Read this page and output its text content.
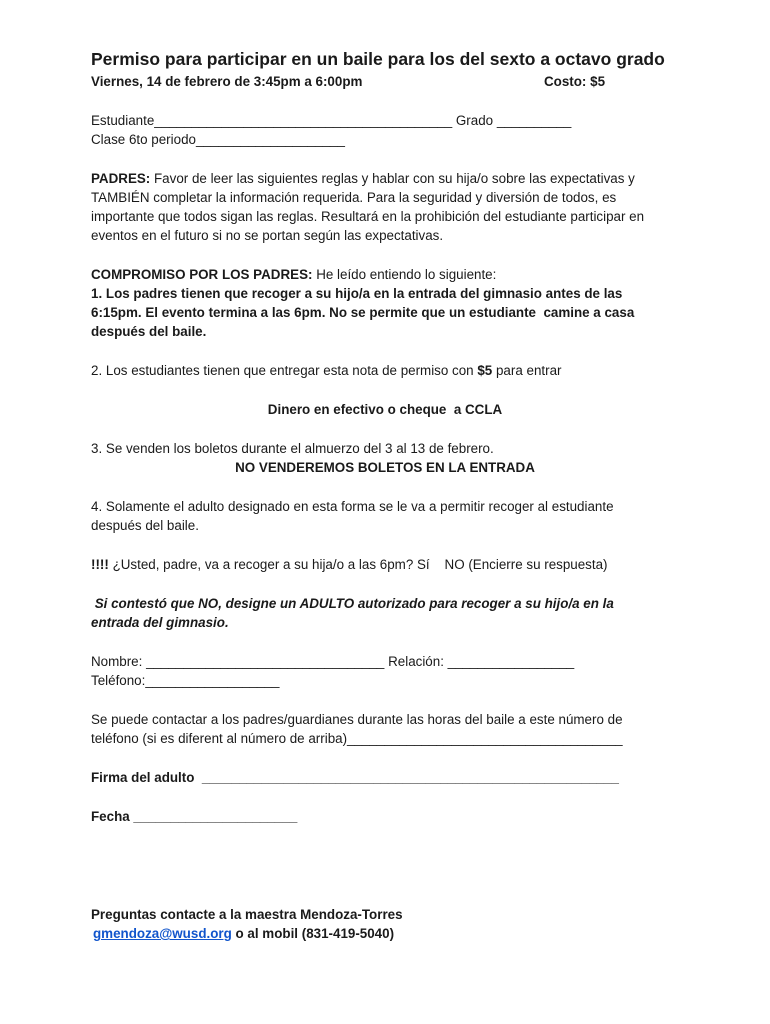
Permiso para participar en un baile para los del sexto a octavo grado
Viernes, 14 de febrero de 3:45pm a 6:00pm	Costo: $5
Estudiante________________________________________ Grado __________
Clase 6to periodo____________________
PADRES: Favor de leer las siguientes reglas y hablar con su hija/o sobre las expectativas y
TAMBIÉN completar la información requerida. Para la seguridad y diversión de todos, es
importante que todos sigan las reglas. Resultará en la prohibición del estudiante participar en
eventos en el futuro si no se portan según las expectativas.
COMPROMISO POR LOS PADRES: He leído entiendo lo siguiente:
1. Los padres tienen que recoger a su hijo/a en la entrada del gimnasio antes de las
6:15pm. El evento termina a las 6pm. No se permite que un estudiante  camine a casa
después del baile.
2. Los estudiantes tienen que entregar esta nota de permiso con $5 para entrar
Dinero en efectivo o cheque  a CCLA
3. Se venden los boletos durante el almuerzo del 3 al 13 de febrero.
NO VENDEREMOS BOLETOS EN LA ENTRADA
4. Solamente el adulto designado en esta forma se le va a permitir recoger al estudiante
después del baile.
!!!! ¿Usted, padre, va a recoger a su hija/o a las 6pm? Sí    NO (Encierre su respuesta)
Si contestó que NO, designe un ADULTO autorizado para recoger a su hijo/a en la
entrada del gimnasio.
Nombre: ________________________________ Relación: _________________
Teléfono:__________________
Se puede contactar a los padres/guardianes durante las horas del baile a este número de
teléfono (si es diferent al número de arriba)_____________________________________
Firma del adulto  ________________________________________________________
Fecha ______________________
Preguntas contacte a la maestra Mendoza-Torres
gmendoza@wusd.org o al mobil (831-419-5040)
